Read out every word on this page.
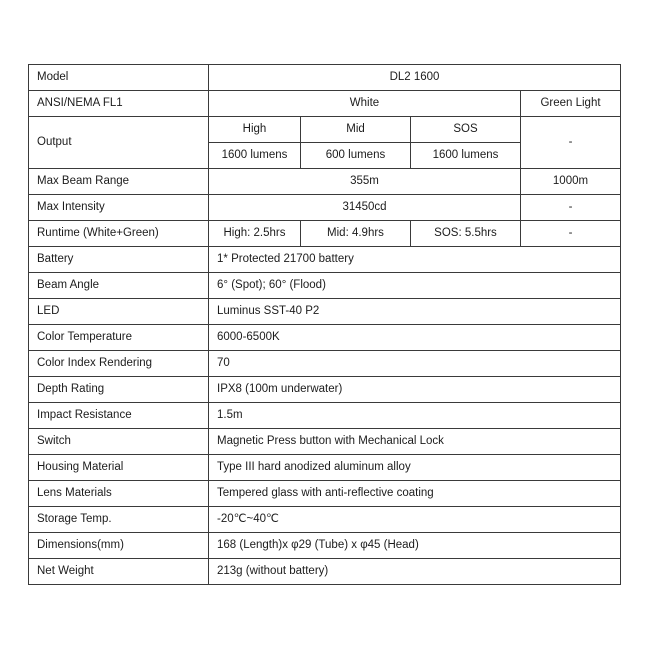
Model	DL2 1600			
ANSI/NEMA FL1	White			Green Light
Output	High	Mid	SOS	-
	1600 lumens	600 lumens	1600 lumens	
Max Beam Range	355m			1000m
Max Intensity	31450cd			-
Runtime (White+Green)	High: 2.5hrs	Mid: 4.9hrs	SOS: 5.5hrs	-
Battery	1* Protected 21700 battery			
Beam Angle	6° (Spot); 60° (Flood)			
LED	Luminus SST-40 P2			
Color Temperature	6000-6500K			
Color Index Rendering	70			
Depth Rating	IPX8 (100m underwater)			
Impact Resistance	1.5m			
Switch	Magnetic Press button with Mechanical Lock			
Housing Material	Type III hard anodized aluminum alloy			
Lens Materials	Tempered glass with anti-reflective coating			
Storage Temp.	-20℃~40℃			
Dimensions(mm)	168 (Length)x φ29 (Tube) x φ45 (Head)			
Net Weight	213g (without battery)			
